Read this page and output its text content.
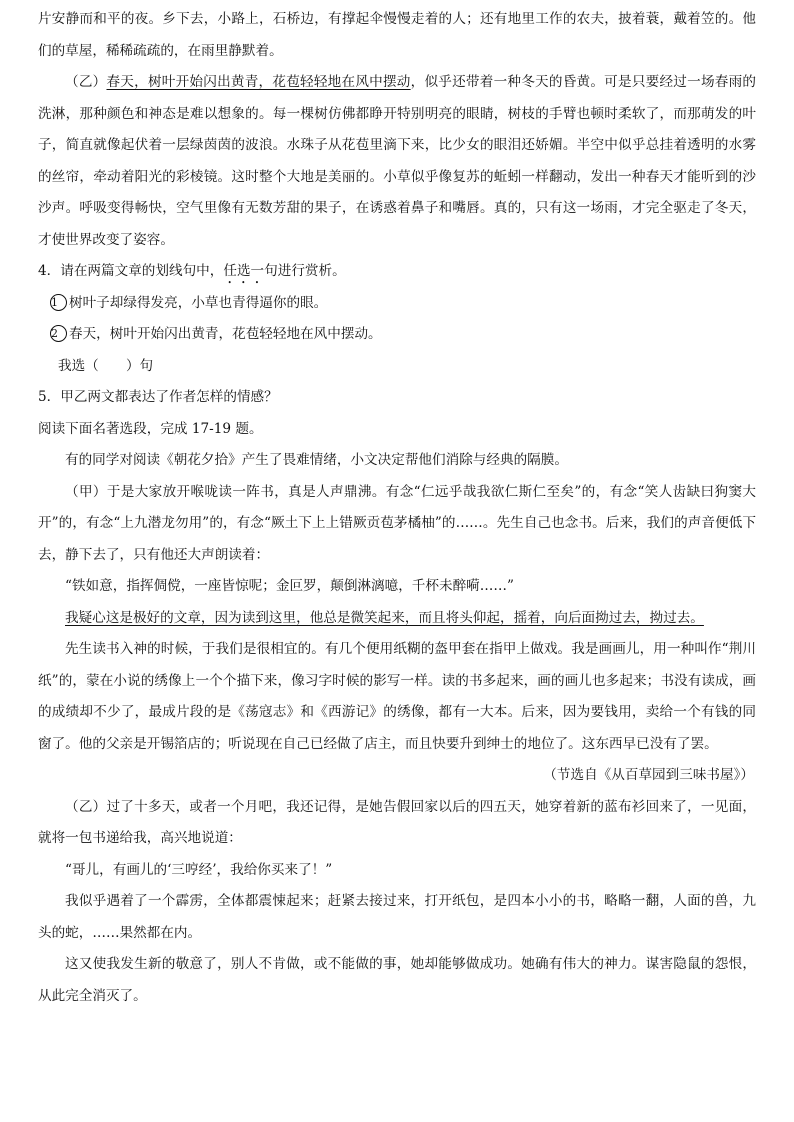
片安静而和平的夜。乡下去，小路上，石桥边，有撑起伞慢慢走着的人；还有地里工作的农夫，披着蓑，戴着笠的。他们的草屋，稀稀疏疏的，在雨里静默着。

（乙）春天，树叶开始闪出黄青，花苞轻轻地在风中摆动，似乎还带着一种冬天的昏黄。可是只要经过一场春雨的洗淋，那种颜色和神态是难以想象的。每一棵树仿佛都睁开特别明亮的眼睛，树枝的手臂也顿时柔软了，而那萌发的叶子，简直就像起伏着一层绿茵茵的波浪。水珠子从花苞里滴下来，比少女的眼泪还娇媚。半空中似乎总挂着透明的水雾的丝帘，牵动着阳光的彩棱镜。这时整个大地是美丽的。小草似乎像复苏的蚯蚓一样翻动，发出一种春天才能听到的沙沙声。呼吸变得畅快，空气里像有无数芳甜的果子，在诱惑着鼻子和嘴唇。真的，只有这一场雨，才完全驱走了冬天，才使世界改变了姿容。

4．请在两篇文章的划线句中，任选一句进行赏析。

1 树叶子却绿得发亮，小草也青得逼你的眼。

2 春天，树叶开始闪出黄青，花苞轻轻地在风中摆动。

我选（　　）句

5．甲乙两文都表达了作者怎样的情感？

阅读下面名著选段，完成 17-19 题。

有的同学对阅读《朝花夕拾》产生了畏难情绪，小文决定帮他们消除与经典的隔膜。

（甲）于是大家放开喉咙读一阵书，真是人声鼎沸。有念“仁远乎哉我欲仁斯仁至矣”的，有念“笑人齿缺曰狗窦大开”的，有念“上九潜龙勿用”的，有念“厥土下上上错厥贡苞茅橘柚”的……。先生自己也念书。后来，我们的声音便低下去，静下去了，只有他还大声朗读着：

“铁如意，指挥倜傥，一座皆惊呢；金叵罗，颠倒淋漓噫，千杯未醉嗬……”

我疑心这是极好的文章，因为读到这里，他总是微笑起来，而且将头仰起，摇着，向后面拗过去，拗过去。

先生读书入神的时候，于我们是很相宜的。有几个便用纸糊的盔甲套在指甲上做戏。我是画画儿，用一种叫作“荆川纸”的，蒙在小说的绣像上一个个描下来，像习字时候的影写一样。读的书多起来，画的画儿也多起来；书没有读成，画的成绩却不少了，最成片段的是《荡寇志》和《西游记》的绣像，都有一大本。后来，因为要钱用，卖给一个有钱的同窗了。他的父亲是开锡箔店的；听说现在自己已经做了店主，而且快要升到绅士的地位了。这东西早已没有了罢。

（节选自《从百草园到三味书屋》）

（乙）过了十多天，或者一个月吧，我还记得，是她告假回家以后的四五天，她穿着新的蓝布衫回来了，一见面，就将一包书递给我，高兴地说道：

“哥儿，有画儿的‘三哼经’，我给你买来了！”

我似乎遇着了一个霹雳，全体都震悚起来；赶紧去接过来，打开纸包，是四本小小的书，略略一翻，人面的兽，九头的蛇，……果然都在内。

这又使我发生新的敬意了，别人不肯做，或不能做的事，她却能够做成功。她确有伟大的神力。谋害隐鼠的怨恨，从此完全消灭了。
